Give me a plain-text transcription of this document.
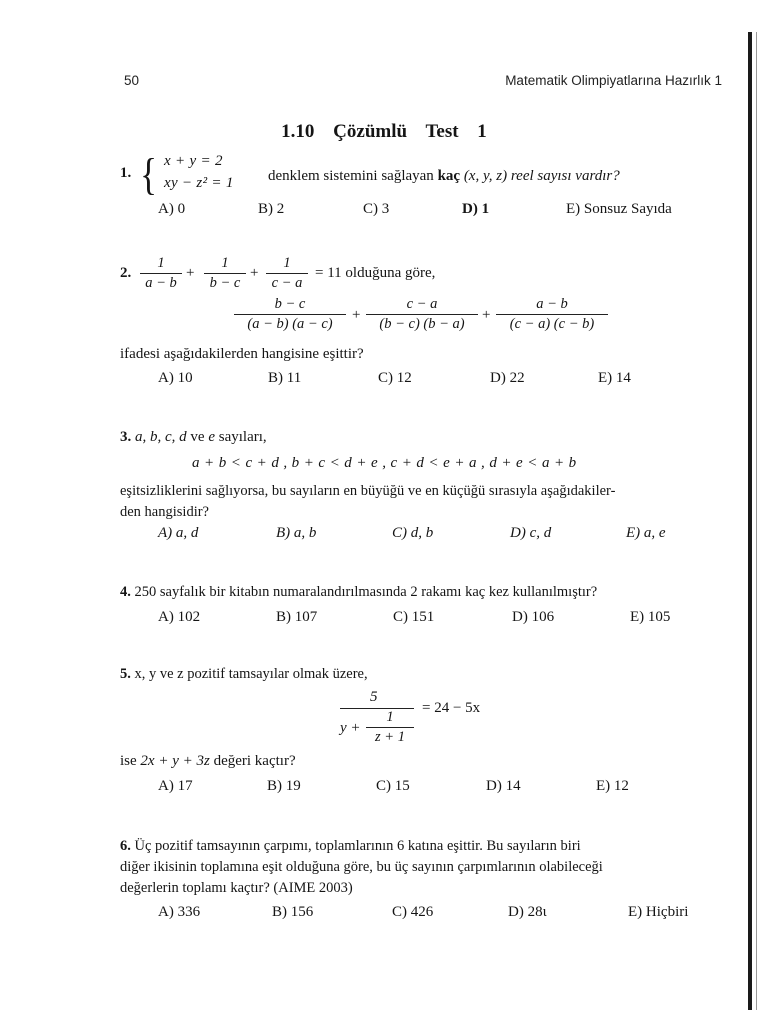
50	Matematik Olimpiyatlarına Hazırlık 1
1.10 Çözümlü Test 1
1. { x + y = 2
xy − z² = 1 denklem sistemini sağlayan kaç (x, y, z) reel sayısı vardır?
A) 0	B) 2	C) 3	D) 1	E) Sonsuz Sayıda
2.
1
a − b
+
1
b − c
+
1
c − a
= 11 olduğuna göre,
b − c
(a − b) (a − c)
+
c − a
(b − c) (b − a)
+
a − b
(c − a) (c − b)
ifadesi aşağıdakilerden hangisine eşittir?
A) 10	B) 11	C) 12	D) 22	E) 14
3. a, b, c, d ve e sayıları,
a + b < c + d , b + c < d + e , c + d < e + a , d + e < a + b

eşitsizliklerini sağlıyorsa, bu sayıların en büyüğü ve en küçüğü sırasıyla aşağıdakiler-

den hangisidir?

A) a, d	B) a, b	C) d, b	D) c, d	E) a, e
4. 250 sayfalık bir kitabın numaralandırılmasında 2 rakamı kaç kez kullanılmıştır?
A) 102	B) 107	C) 151	D) 106	E) 105
5. x, y ve z pozitif tamsayılar olmak üzere,
5
y +
1
z + 1
= 24 − 5x
ise 2x + y + 3z değeri kaçtır?
A) 17	B) 19	C) 15	D) 14	E) 12

6. Üç pozitif tamsayının çarpımı, toplamlarının 6 katına eşittir. Bu sayıların biri

diğer ikisinin toplamına eşit olduğuna göre, bu üç sayının çarpımlarının olabileceği

değerlerin toplamı kaçtır? (AIME 2003)

A) 336	B) 156	C) 426	D) 28ι	E) Hiçbiri
